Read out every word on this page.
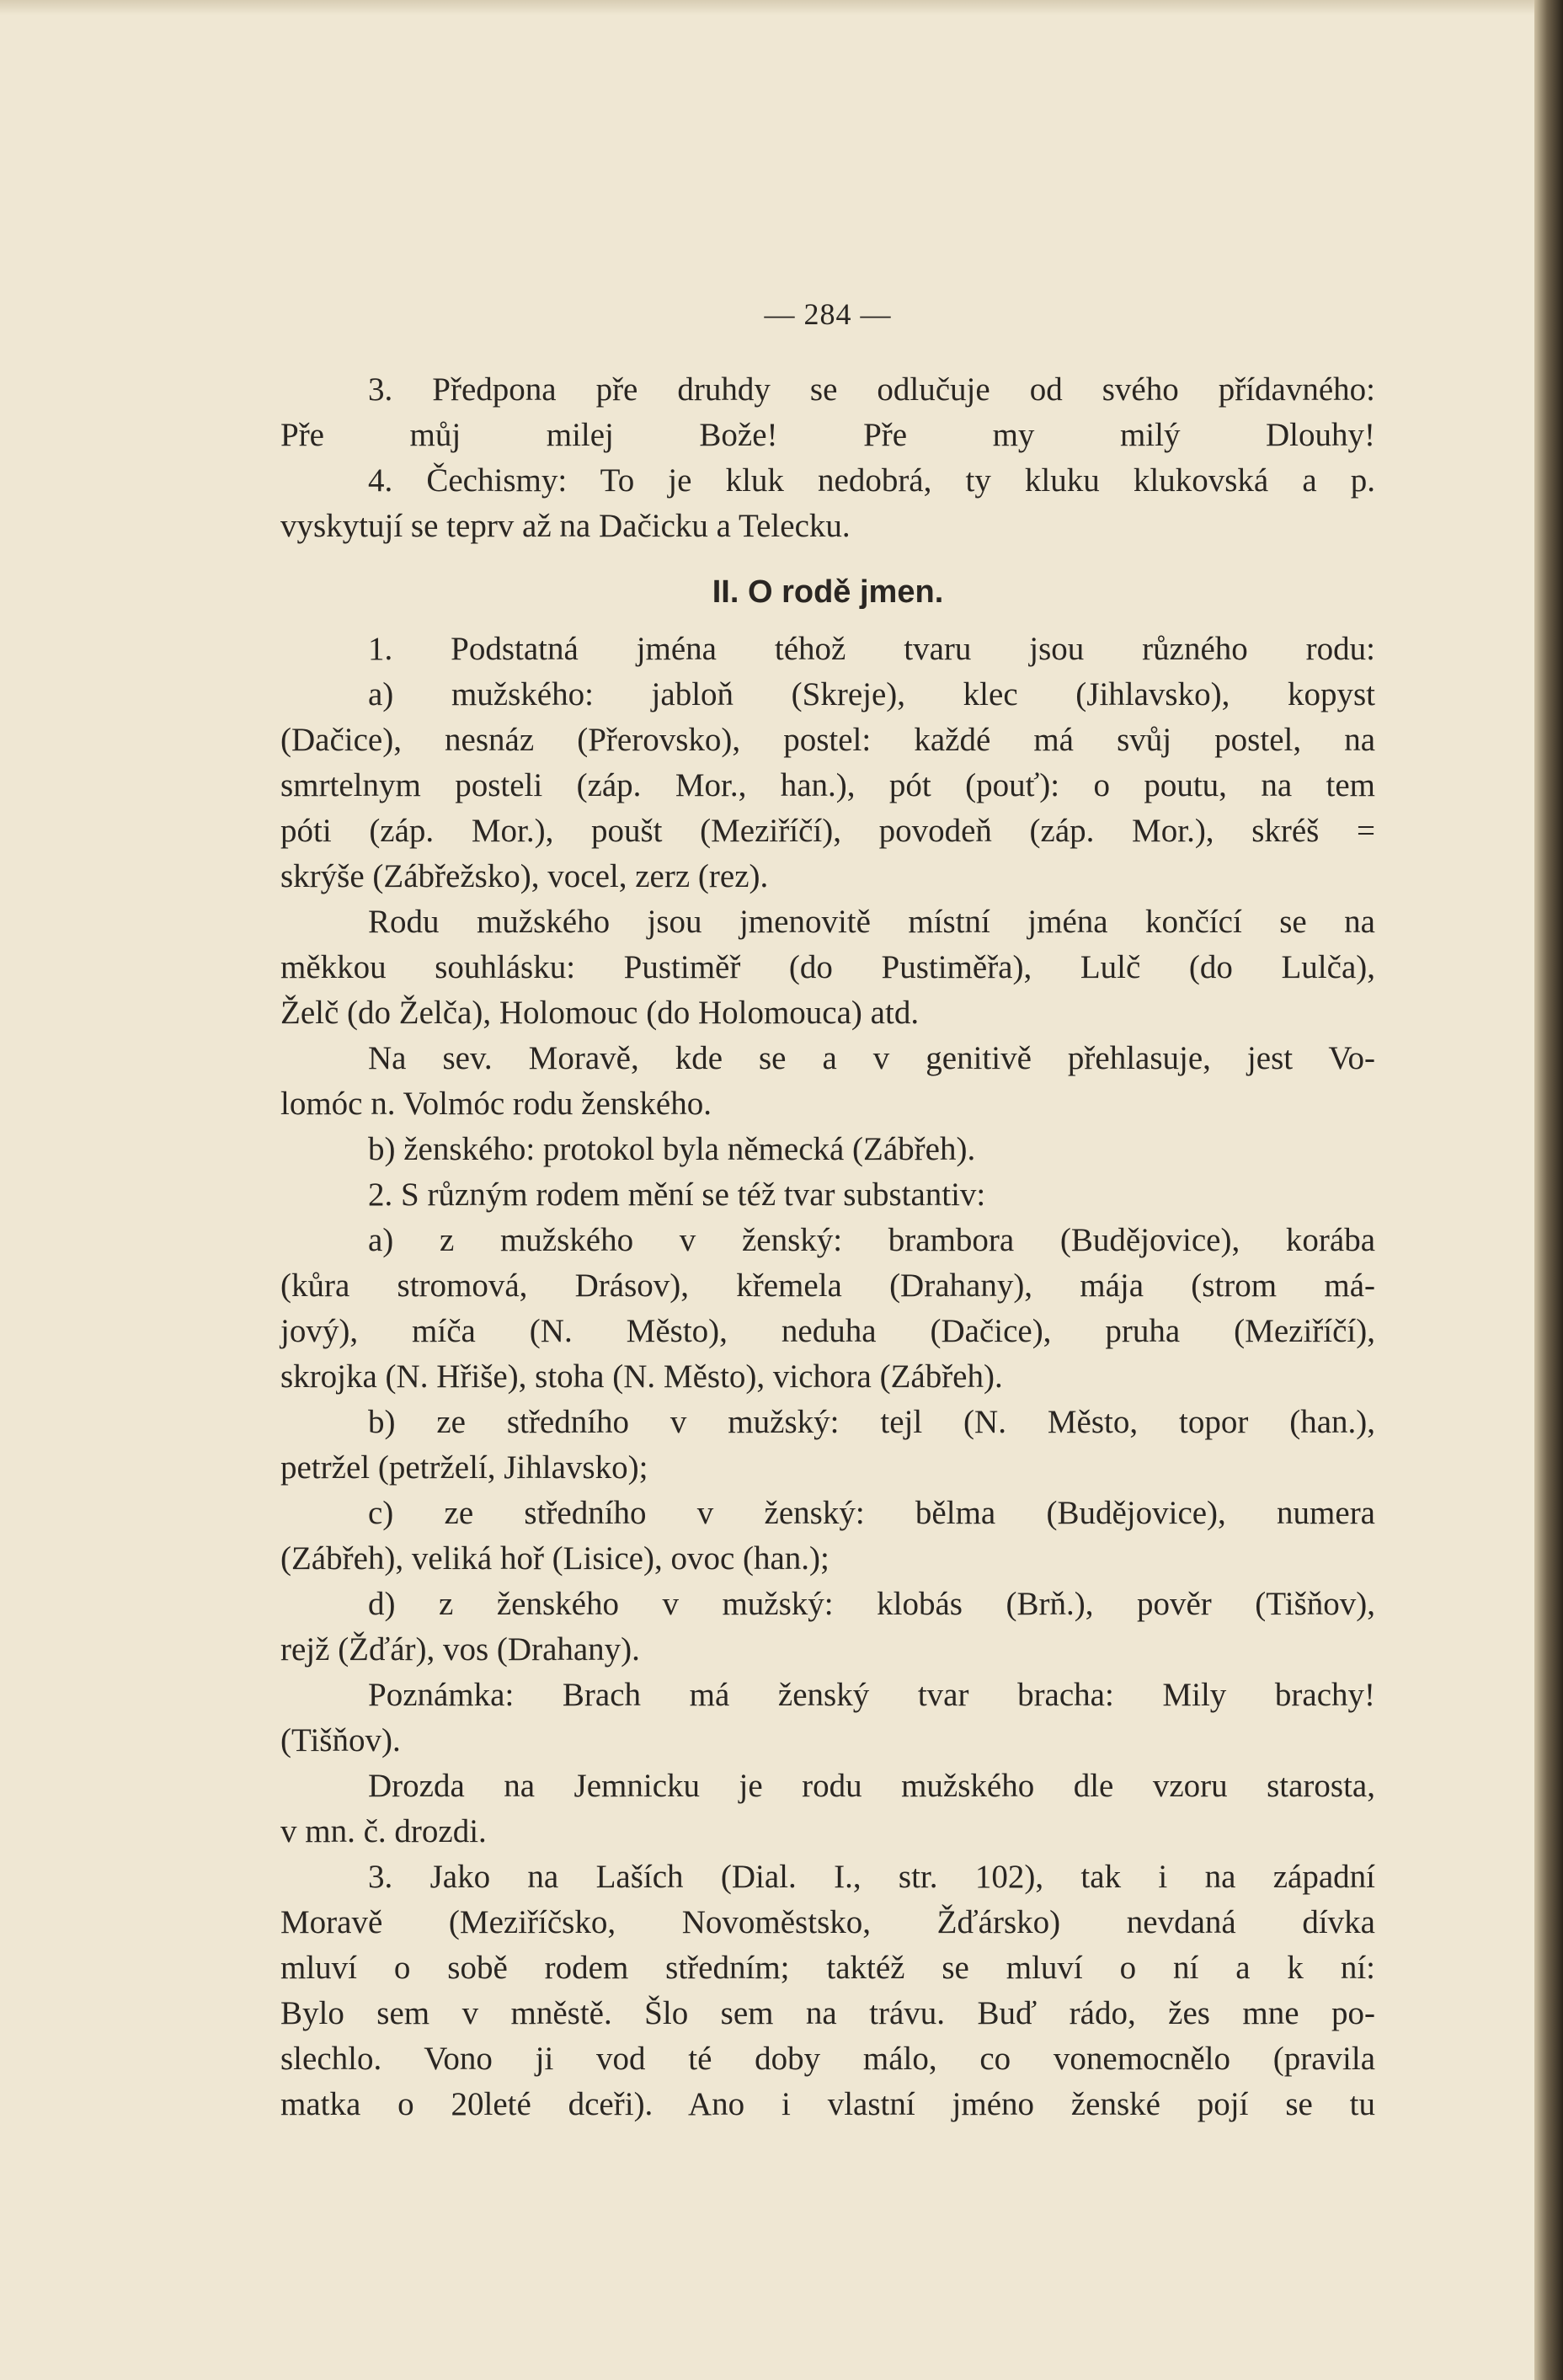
— 284 —
3. Předpona pře druhdy se odlučuje od svého přídavného:
Pře můj milej Bože! Pře my milý Dlouhy!
4. Čechismy: To je kluk nedobrá, ty kluku klukovská a p.
vyskytují se teprv až na Dačicku a Telecku.
II. O rodě jmen.
1. Podstatná jména téhož tvaru jsou různého rodu:
a) mužského: jabloň (Skreje), klec (Jihlavsko), kopyst
(Dačice), nesnáz (Přerovsko), postel: každé má svůj postel, na
smrtelnym posteli (záp. Mor., han.), pót (pouť): o poutu, na tem
póti (záp. Mor.), poušt (Meziříčí), povodeň (záp. Mor.), skréš =
skrýše (Zábřežsko), vocel, zerz (rez).
Rodu mužského jsou jmenovitě místní jména končící se na
měkkou souhlásku: Pustiměř (do Pustiměřa), Lulč (do Lulča),
Želč (do Želča), Holomouc (do Holomouca) atd.
Na sev. Moravě, kde se a v genitivě přehlasuje, jest Vo-
lomóc n. Volmóc rodu ženského.
b) ženského: protokol byla německá (Zábřeh).
2. S různým rodem mění se též tvar substantiv:
a) z mužského v ženský: brambora (Budějovice), korába
(kůra stromová, Drásov), křemela (Drahany), mája (strom má-
jový), míča (N. Město), neduha (Dačice), pruha (Meziříčí),
skrojka (N. Hřiše), stoha (N. Město), vichora (Zábřeh).
b) ze středního v mužský: tejl (N. Město, topor (han.),
petržel (petrželí, Jihlavsko);
c) ze středního v ženský: bělma (Budějovice), numera
(Zábřeh), veliká hoř (Lisice), ovoc (han.);
d) z ženského v mužský: klobás (Brň.), pověr (Tišňov),
rejž (Žďár), vos (Drahany).
Poznámka: Brach má ženský tvar bracha: Mily brachy!
(Tišňov).
Drozda na Jemnicku je rodu mužského dle vzoru starosta,
v mn. č. drozdi.
3. Jako na Laších (Dial. I., str. 102), tak i na západní
Moravě (Meziříčsko, Novoměstsko, Žďársko) nevdaná dívka
mluví o sobě rodem středním; taktéž se mluví o ní a k ní:
Bylo sem v mněstě. Šlo sem na trávu. Buď rádo, žes mne po-
slechlo. Vono ji vod té doby málo, co vonemocnělo (pravila
matka o 20leté dceři). Ano i vlastní jméno ženské pojí se tu
